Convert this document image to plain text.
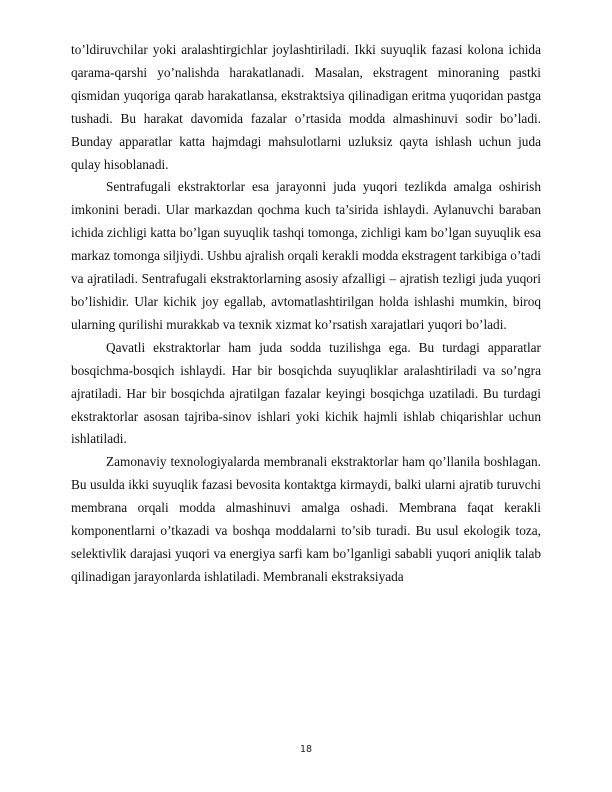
to’ldiruvchilar yoki aralashtirgichlar joylashtiriladi. Ikki suyuqlik fazasi kolona ichida qarama-qarshi yo’nalishda harakatlanadi. Masalan, ekstragent minoraning pastki qismidan yuqoriga qarab harakatlansa, ekstraktsiya qilinadigan eritma yuqoridan pastga tushadi. Bu harakat davomida fazalar o’rtasida modda almashinuvi sodir bo’ladi. Bunday apparatlar katta hajmdagi mahsulotlarni uzluksiz qayta ishlash uchun juda qulay hisoblanadi.

Sentrafugali ekstraktorlar esa jarayonni juda yuqori tezlikda amalga oshirish imkonini beradi. Ular markazdan qochma kuch ta’sirida ishlaydi. Aylanuvchi baraban ichida zichligi katta bo’lgan suyuqlik tashqi tomonga, zichligi kam bo’lgan suyuqlik esa markaz tomonga siljiydi. Ushbu ajralish orqali kerakli modda ekstragent tarkibiga o’tadi va ajratiladi. Sentrafugali ekstraktorlarning asosiy afzalligi – ajratish tezligi juda yuqori bo’lishidir. Ular kichik joy egallab, avtomatlashtirilgan holda ishlashi mumkin, biroq ularning qurilishi murakkab va texnik xizmat ko’rsatish xarajatlari yuqori bo’ladi.

Qavatli ekstraktorlar ham juda sodda tuzilishga ega. Bu turdagi apparatlar bosqichma-bosqich ishlaydi. Har bir bosqichda suyuqliklar aralashtiriladi va so’ngra ajratiladi. Har bir bosqichda ajratilgan fazalar keyingi bosqichga uzatiladi. Bu turdagi ekstraktorlar asosan tajriba-sinov ishlari yoki kichik hajmli ishlab chiqarishlar uchun ishlatiladi.

Zamonaviy texnologiyalarda membranali ekstraktorlar ham qo’llanila boshlagan. Bu usulda ikki suyuqlik fazasi bevosita kontaktga kirmaydi, balki ularni ajratib turuvchi membrana orqali modda almashinuvi amalga oshadi. Membrana faqat kerakli komponentlarni o’tkazadi va boshqa moddalarni to’sib turadi. Bu usul ekologik toza, selektivlik darajasi yuqori va energiya sarfi kam bo’lganligi sababli yuqori aniqlik talab qilinadigan jarayonlarda ishlatiladi. Membranali ekstraksiyada

18
